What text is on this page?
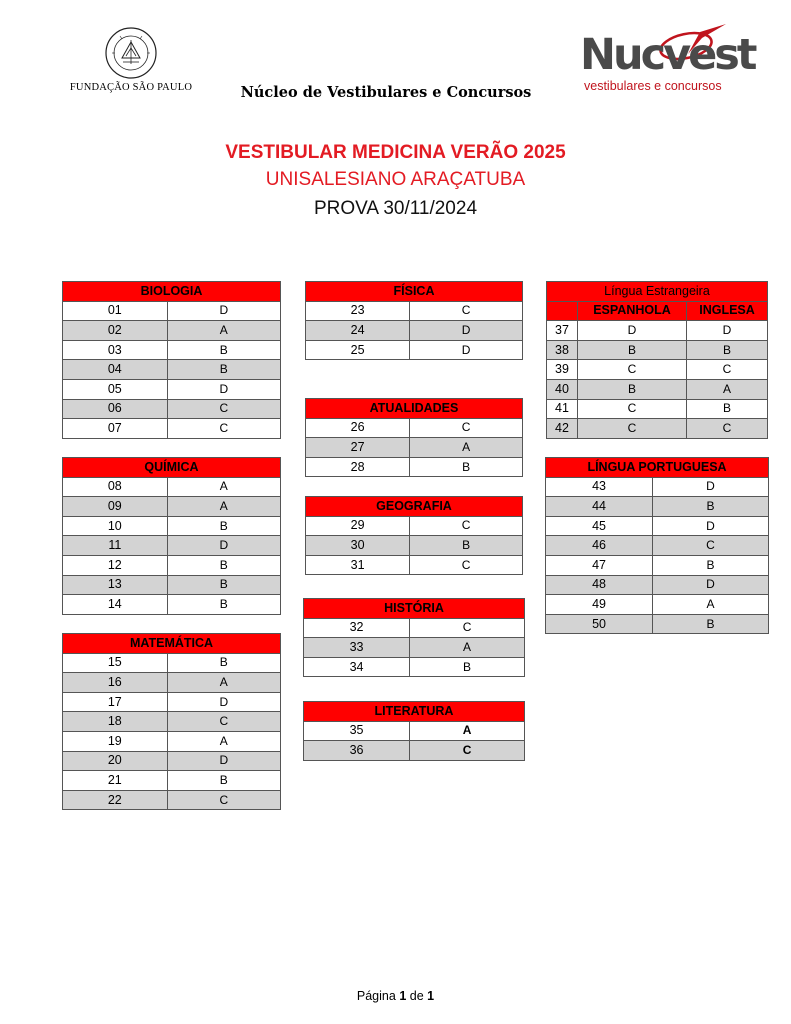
FUNDAÇÃO SÃO PAULO	Núcleo de Vestibulares e Concursos
Nucvest
vestibulares e concursos
VESTIBULAR MEDICINA VERÃO 2025
UNISALESIANO ARAÇATUBA
PROVA 30/11/2024
BIOLOGIA	
01	D
02	A
03	B
04	B
05	D
06	C
07	C
QUÍMICA	
08	A
09	A
10	B
11	D
12	B
13	B
14	B
MATEMÁTICA	
15	B
16	A
17	D
18	C
19	A
20	D
21	B
22	C
FÍSICA	
23	C
24	D
25	D
ATUALIDADES	
26	C
27	A
28	B
GEOGRAFIA	
29	C
30	B
31	C
HISTÓRIA	
32	C
33	A
34	B
LITERATURA	
35	A
36	C
LÍNGUA PORTUGUESA	
43	D
44	B
45	D
46	C
47	B
48	D
49	A
50	B
Língua Estrangeira		
	ESPANHOLA	INGLESA
37	D	D
38	B	B
39	C	C
40	B	A
41	C	B
42	C	C
Página 1 de 1
